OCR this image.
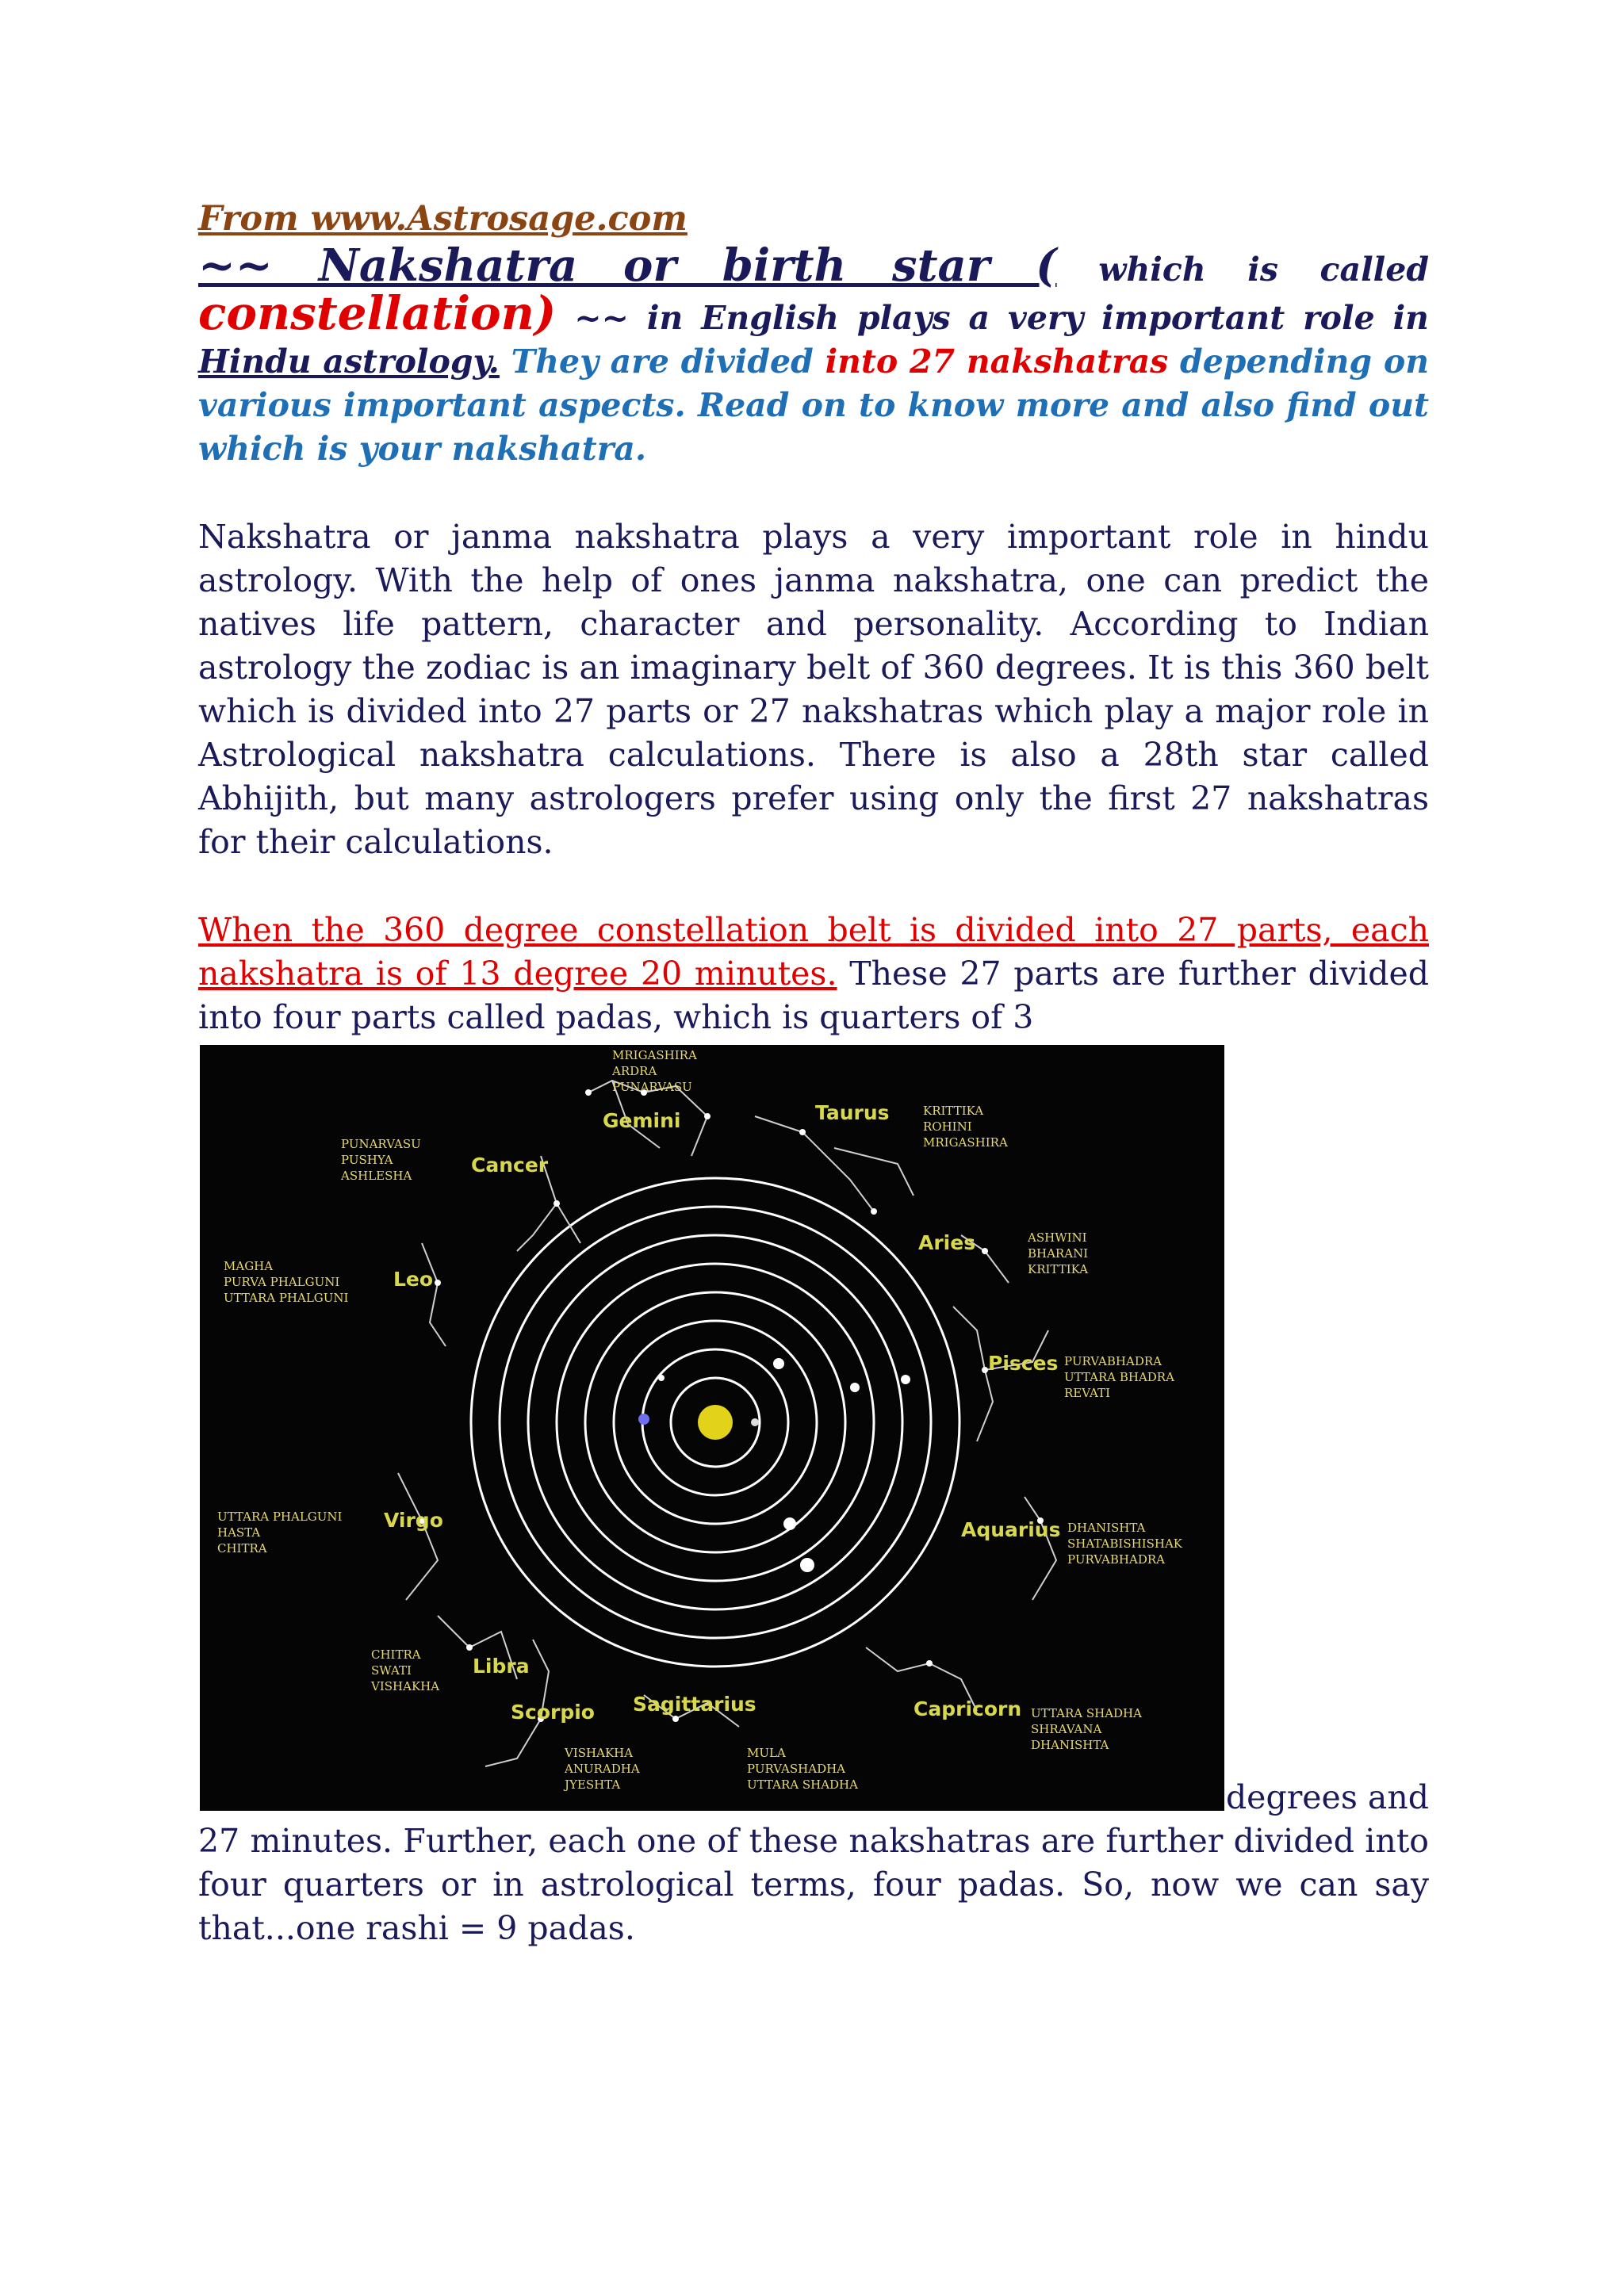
From www.Astrosage.com

~~ Nakshatra or birth star ( which is called constellation) ~~ in English plays a very important role in Hindu astrology. They are divided into 27 nakshatras depending on various important aspects. Read on to know more and also find out which is your nakshatra.

Nakshatra or janma nakshatra plays a very important role in hindu astrology. With the help of ones janma nakshatra, one can predict the natives life pattern, character and personality. According to Indian astrology the zodiac is an imaginary belt of 360 degrees. It is this 360 belt which is divided into 27 parts or 27 nakshatras which play a major role in Astrological nakshatra calculations. There is also a 28th star called Abhijith, but many astrologers prefer using only the first 27 nakshatras for their calculations.

When the 360 degree constellation belt is divided into 27 parts, each nakshatra is of 13 degree 20 minutes. These 27 parts are further divided into four parts called padas, which is quarters of 3

Gemini	Taurus
Cancer
Aries
Leo
Pisces
Virgo	Aquarius
Libra
Scorpio Sagittarius	Capricorn
MRIGASHIRA
ARDRA
PUNARVASU
KRITTIKA
ROHINI
MRIGASHIRA
PUNARVASU
PUSHYA
ASHLESHA
ASHWINI
BHARANI
KRITTIKA
MAGHA
PURVA PHALGUNI
UTTARA PHALGUNI
PURVABHADRA
UTTARA BHADRA
REVATI
UTTARA PHALGUNI
HASTA
CHITRA
DHANISHTA
SHATABISHISHAK
PURVABHADRA
CHITRA
SWATI
VISHAKHA
VISHAKHA
ANURADHA
JYESHTA
MULA
PURVASHADHA
UTTARA SHADHA
UTTARA SHADHA
SHRAVANA
DHANISHTA

degrees and

27 minutes. Further, each one of these nakshatras are further divided into four quarters or in astrological terms, four padas. So, now we can say that...one rashi = 9 padas.
